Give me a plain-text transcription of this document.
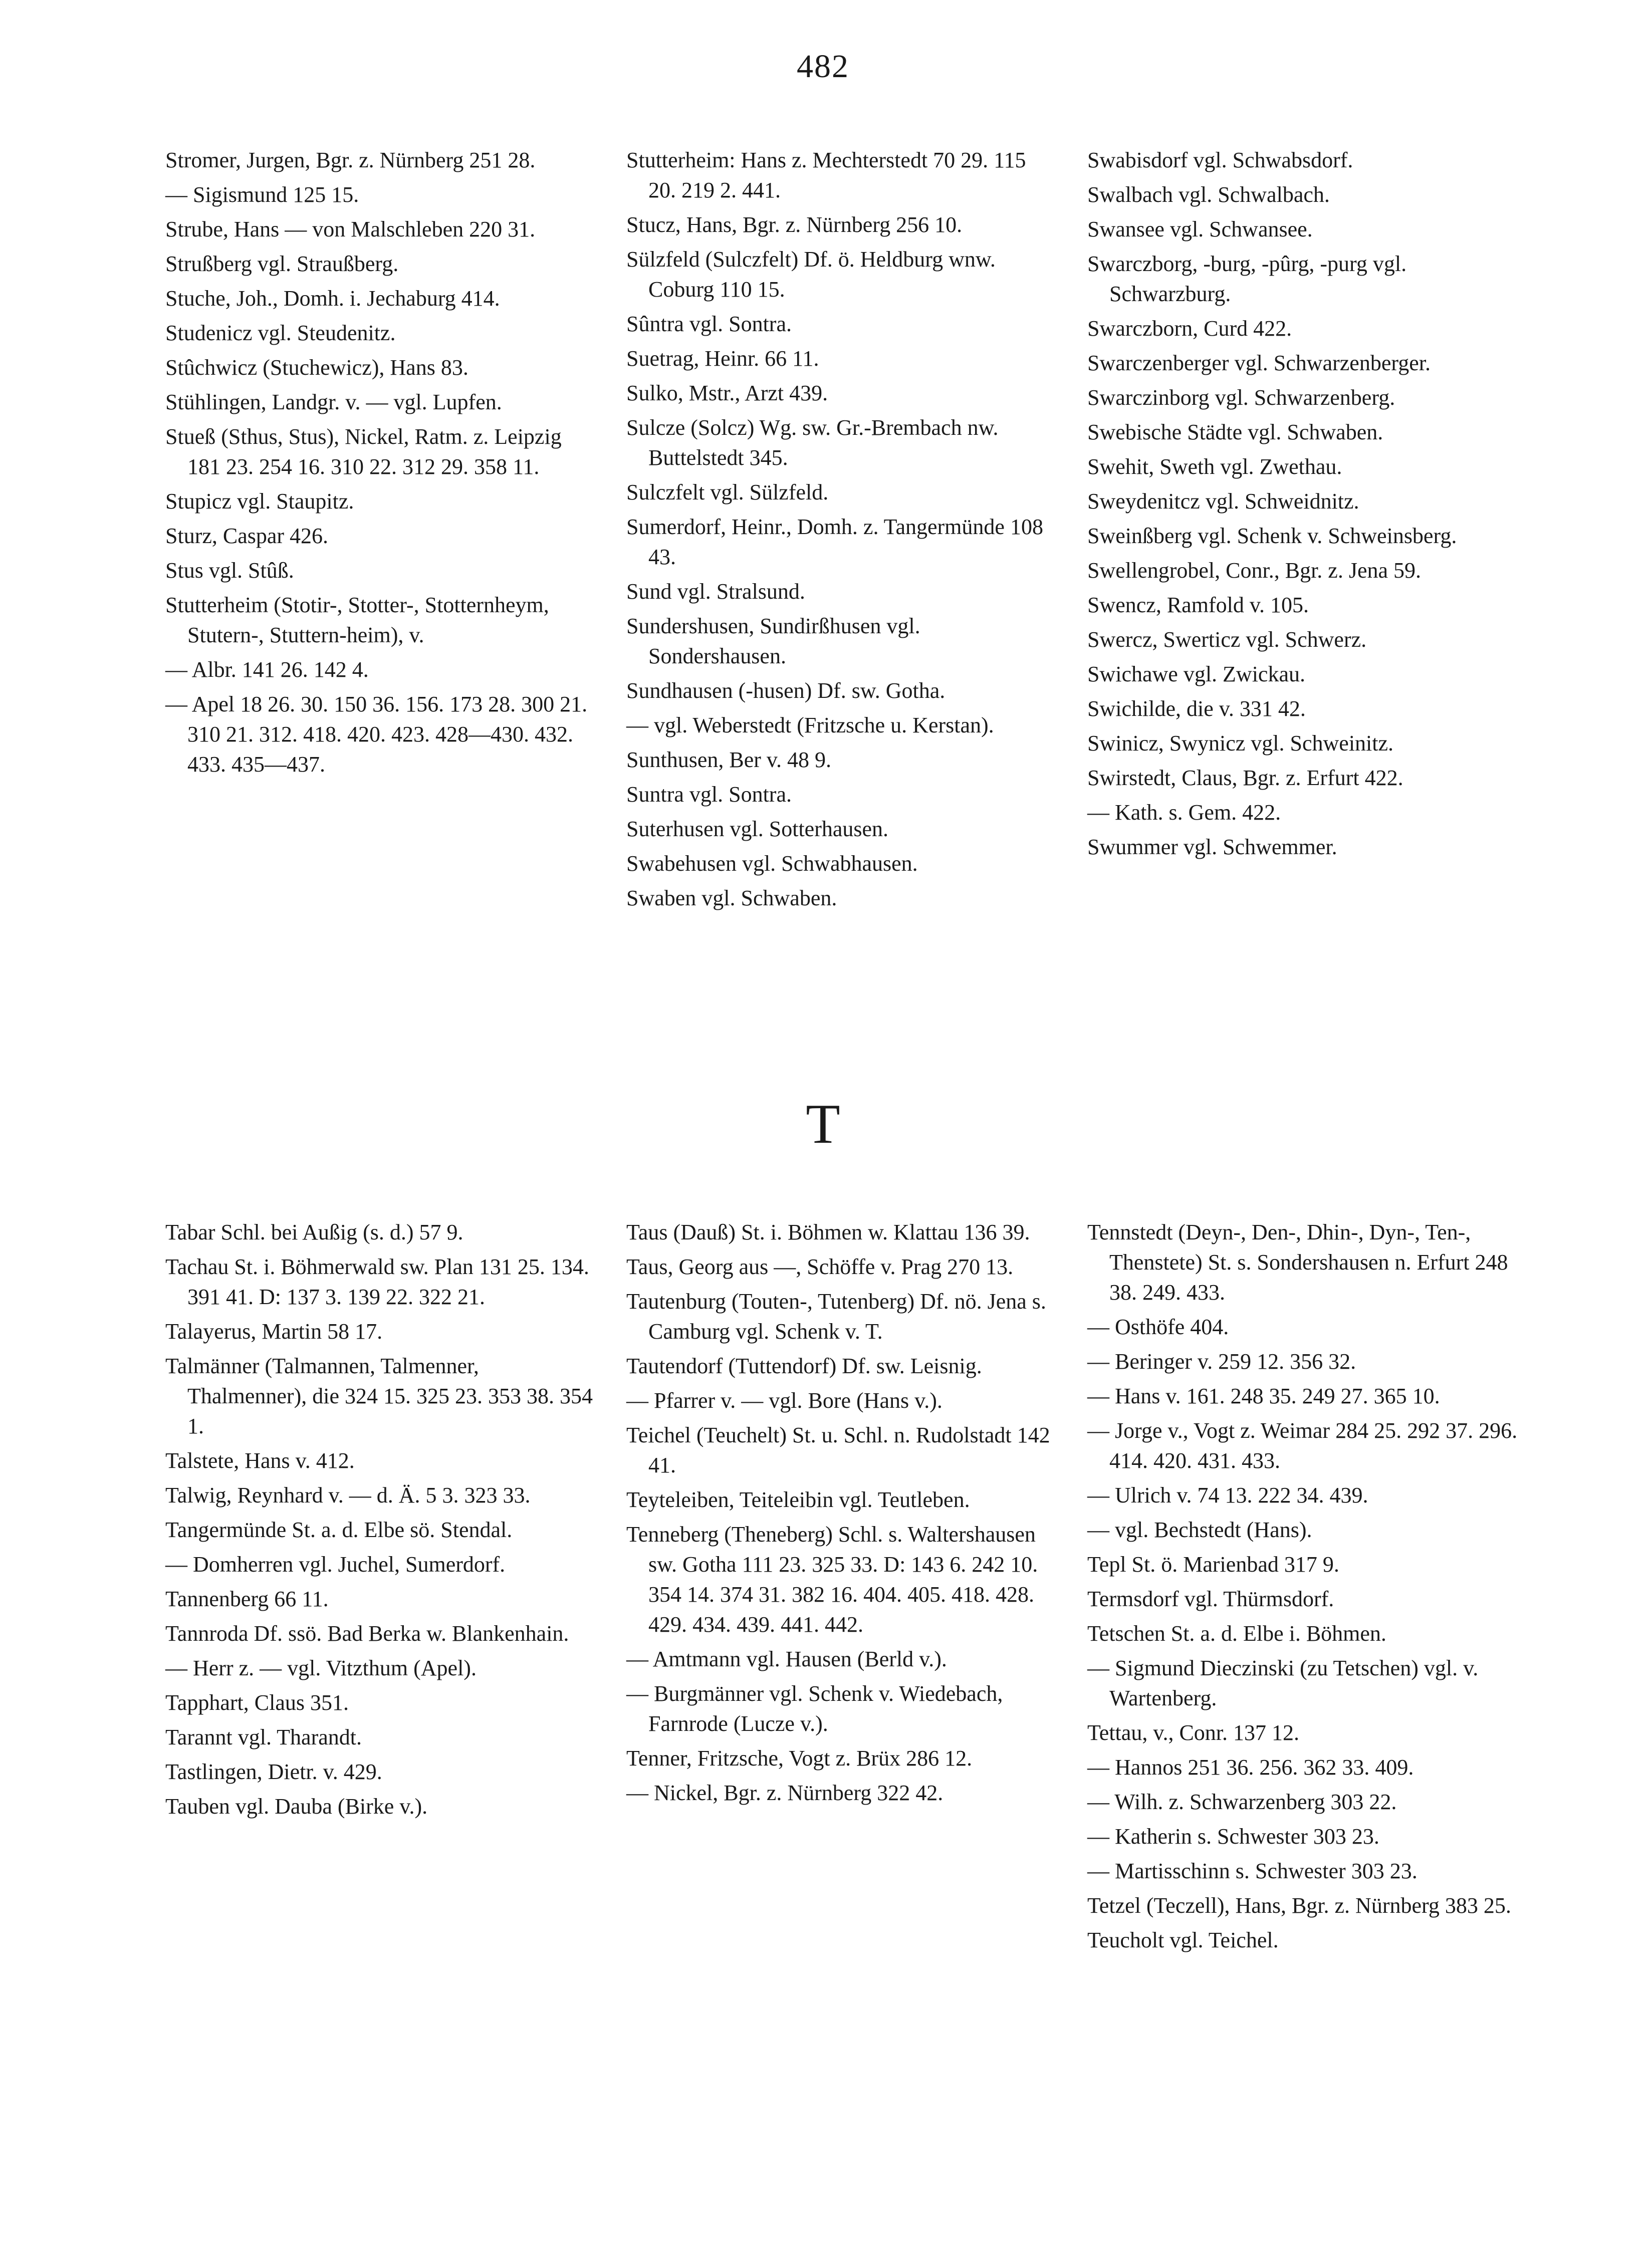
482

Stromer, Jurgen, Bgr. z. Nürnberg 251 28.

— Sigismund 125 15.

Strube, Hans — von Malschleben 220 31.

Strußberg vgl. Straußberg.

Stuche, Joh., Domh. i. Jechaburg 414.

Studenicz vgl. Steudenitz.

Stûchwicz (Stuchewicz), Hans 83.

Stühlingen, Landgr. v. — vgl. Lupfen.

Stueß (Sthus, Stus), Nickel, Ratm. z. Leipzig 181 23. 254 16. 310 22. 312 29. 358 11.

Stupicz vgl. Staupitz.

Sturz, Caspar 426.

Stus vgl. Stûß.

Stutterheim (Stotir-, Stotter-, Stotternheym, Stutern-, Stuttern-heim), v.

— Albr. 141 26. 142 4.

— Apel 18 26. 30. 150 36. 156. 173 28. 300 21. 310 21. 312. 418. 420. 423. 428—430. 432. 433. 435—437.

Stutterheim: Hans z. Mechterstedt 70 29. 115 20. 219 2. 441.

Stucz, Hans, Bgr. z. Nürnberg 256 10.

Sülzfeld (Sulczfelt) Df. ö. Heldburg wnw. Coburg 110 15.

Sûntra vgl. Sontra.

Suetrag, Heinr. 66 11.

Sulko, Mstr., Arzt 439.

Sulcze (Solcz) Wg. sw. Gr.-Brembach nw. Buttelstedt 345.

Sulczfelt vgl. Sülzfeld.

Sumerdorf, Heinr., Domh. z. Tangermünde 108 43.

Sund vgl. Stralsund.

Sundershusen, Sundirßhusen vgl. Sondershausen.

Sundhausen (-husen) Df. sw. Gotha.

— vgl. Weberstedt (Fritzsche u. Kerstan).

Sunthusen, Ber v. 48 9.

Suntra vgl. Sontra.

Suterhusen vgl. Sotterhausen.

Swabehusen vgl. Schwabhausen.

Swaben vgl. Schwaben.

Swabisdorf vgl. Schwabsdorf.

Swalbach vgl. Schwalbach.

Swansee vgl. Schwansee.

Swarczborg, -burg, -pûrg, -purg vgl. Schwarzburg.

Swarczborn, Curd 422.

Swarczenberger vgl. Schwarzenberger.

Swarczinborg vgl. Schwarzenberg.

Swebische Städte vgl. Schwaben.

Swehit, Sweth vgl. Zwethau.

Sweydenitcz vgl. Schweidnitz.

Sweinßberg vgl. Schenk v. Schweinsberg.

Swellengrobel, Conr., Bgr. z. Jena 59.

Swencz, Ramfold v. 105.

Swercz, Swerticz vgl. Schwerz.

Swichawe vgl. Zwickau.

Swichilde, die v. 331 42.

Swinicz, Swynicz vgl. Schweinitz.

Swirstedt, Claus, Bgr. z. Erfurt 422.

— Kath. s. Gem. 422.

Swummer vgl. Schwemmer.

T

Tabar Schl. bei Außig (s. d.) 57 9.

Tachau St. i. Böhmerwald sw. Plan 131 25. 134. 391 41. D: 137 3. 139 22. 322 21.

Talayerus, Martin 58 17.

Talmänner (Talmannen, Talmenner, Thalmenner), die 324 15. 325 23. 353 38. 354 1.

Talstete, Hans v. 412.

Talwig, Reynhard v. — d. Ä. 5 3. 323 33.

Tangermünde St. a. d. Elbe sö. Stendal.

— Domherren vgl. Juchel, Sumerdorf.

Tannenberg 66 11.

Tannroda Df. ssö. Bad Berka w. Blankenhain.

— Herr z. — vgl. Vitzthum (Apel).

Tapphart, Claus 351.

Tarannt vgl. Tharandt.

Tastlingen, Dietr. v. 429.

Tauben vgl. Dauba (Birke v.).

Taus (Dauß) St. i. Böhmen w. Klattau 136 39.

Taus, Georg aus —, Schöffe v. Prag 270 13.

Tautenburg (Touten-, Tutenberg) Df. nö. Jena s. Camburg vgl. Schenk v. T.

Tautendorf (Tuttendorf) Df. sw. Leisnig.

— Pfarrer v. — vgl. Bore (Hans v.).

Teichel (Teuchelt) St. u. Schl. n. Rudolstadt 142 41.

Teyteleiben, Teiteleibin vgl. Teutleben.

Tenneberg (Theneberg) Schl. s. Waltershausen sw. Gotha 111 23. 325 33. D: 143 6. 242 10. 354 14. 374 31. 382 16. 404. 405. 418. 428. 429. 434. 439. 441. 442.

— Amtmann vgl. Hausen (Berld v.).

— Burgmänner vgl. Schenk v. Wiedebach, Farnrode (Lucze v.).

Tenner, Fritzsche, Vogt z. Brüx 286 12.

— Nickel, Bgr. z. Nürnberg 322 42.

Tennstedt (Deyn-, Den-, Dhin-, Dyn-, Ten-, Thenstete) St. s. Sondershausen n. Erfurt 248 38. 249. 433.

— Osthöfe 404.

— Beringer v. 259 12. 356 32.

— Hans v. 161. 248 35. 249 27. 365 10.

— Jorge v., Vogt z. Weimar 284 25. 292 37. 296. 414. 420. 431. 433.

— Ulrich v. 74 13. 222 34. 439.

— vgl. Bechstedt (Hans).

Tepl St. ö. Marienbad 317 9.

Termsdorf vgl. Thürmsdorf.

Tetschen St. a. d. Elbe i. Böhmen.

— Sigmund Dieczinski (zu Tetschen) vgl. v. Wartenberg.

Tettau, v., Conr. 137 12.

— Hannos 251 36. 256. 362 33. 409.

— Wilh. z. Schwarzenberg 303 22.

— Katherin s. Schwester 303 23.

— Martisschinn s. Schwester 303 23.

Tetzel (Teczell), Hans, Bgr. z. Nürnberg 383 25.

Teucholt vgl. Teichel.
